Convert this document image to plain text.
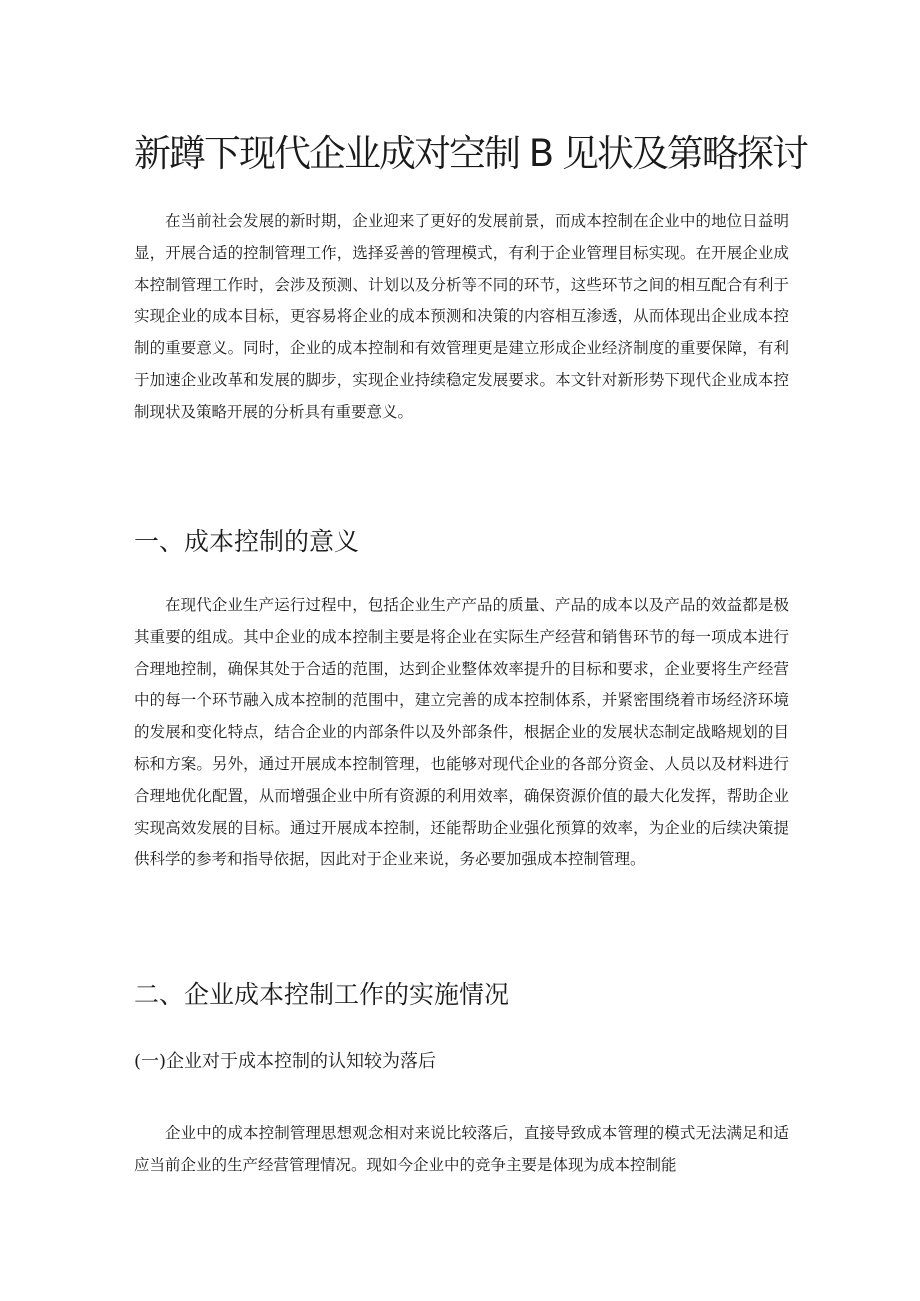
新蹲下现代企业成对空制 B 见状及第略探讨

在当前社会发展的新时期，企业迎来了更好的发展前景，而成本控制在企业中的地位日益明显，开展合适的控制管理工作，选择妥善的管理模式，有利于企业管理目标实现。在开展企业成本控制管理工作时，会涉及预测、计划以及分析等不同的环节，这些环节之间的相互配合有利于实现企业的成本目标，更容易将企业的成本预测和决策的内容相互渗透，从而体现出企业成本控制的重要意义。同时，企业的成本控制和有效管理更是建立形成企业经济制度的重要保障，有利于加速企业改革和发展的脚步，实现企业持续稳定发展要求。本文针对新形势下现代企业成本控制现状及策略开展的分析具有重要意义。

一、成本控制的意义

在现代企业生产运行过程中，包括企业生产产品的质量、产品的成本以及产品的效益都是极其重要的组成。其中企业的成本控制主要是将企业在实际生产经营和销售环节的每一项成本进行合理地控制，确保其处于合适的范围，达到企业整体效率提升的目标和要求，企业要将生产经营中的每一个环节融入成本控制的范围中，建立完善的成本控制体系，并紧密围绕着市场经济环境的发展和变化特点，结合企业的内部条件以及外部条件，根据企业的发展状态制定战略规划的目标和方案。另外，通过开展成本控制管理，也能够对现代企业的各部分资金、人员以及材料进行合理地优化配置，从而增强企业中所有资源的利用效率，确保资源价值的最大化发挥，帮助企业实现高效发展的目标。通过开展成本控制，还能帮助企业强化预算的效率，为企业的后续决策提供科学的参考和指导依据，因此对于企业来说，务必要加强成本控制管理。

二、企业成本控制工作的实施情况
(一)企业对于成本控制的认知较为落后

企业中的成本控制管理思想观念相对来说比较落后，直接导致成本管理的模式无法满足和适应当前企业的生产经营管理情况。现如今企业中的竞争主要是体现为成本控制能
